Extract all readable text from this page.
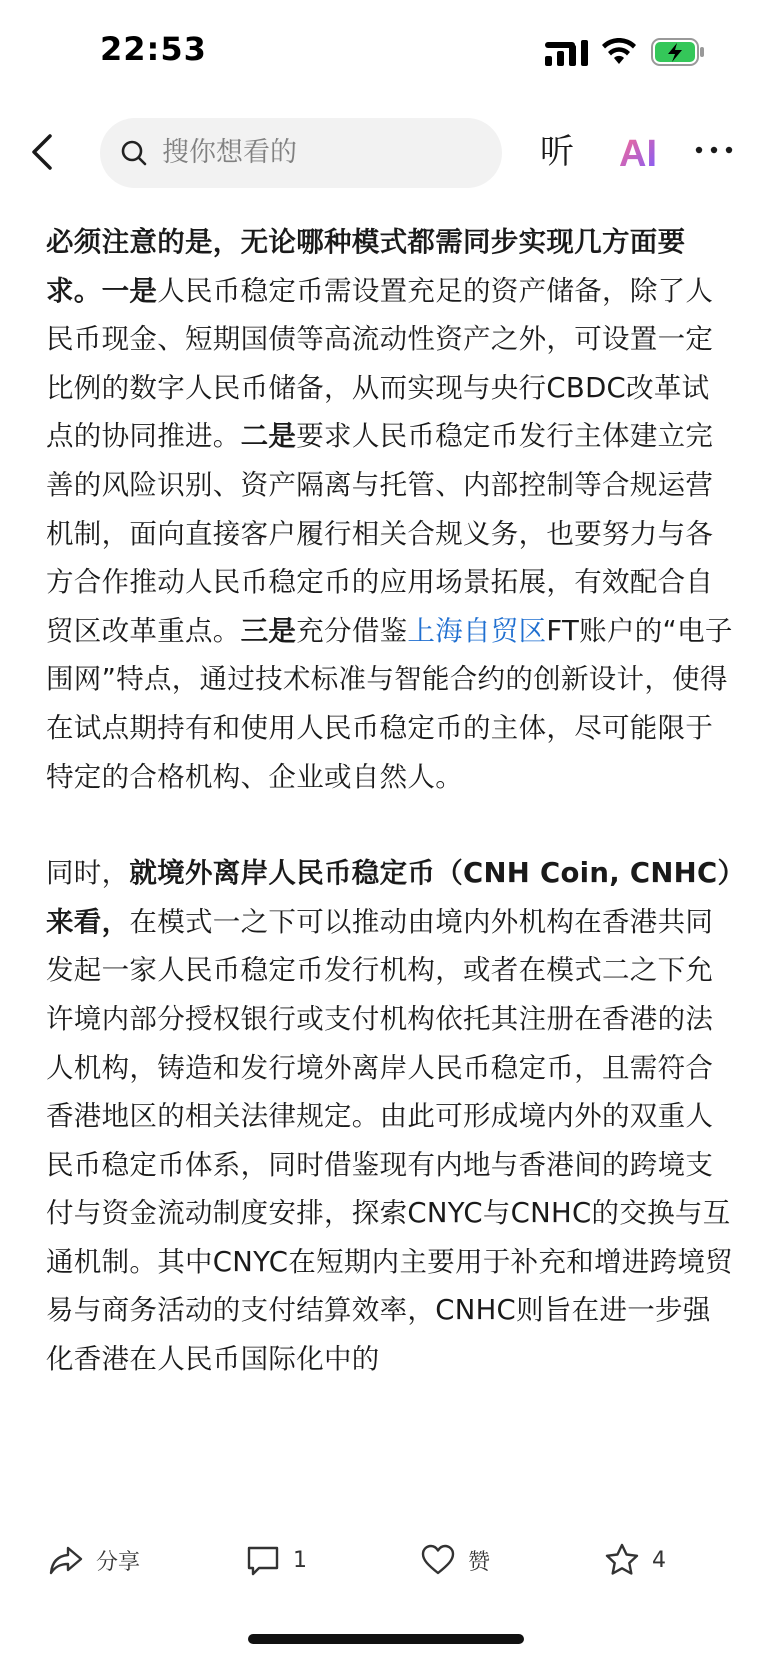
22:53
搜你想看的	听 AI

必须注意的是，无论哪种模式都需同步实现几方面要求。一是人民币稳定币需设置充足的资产储备，除了人民币现金、短期国债等高流动性资产之外，可设置一定比例的数字人民币储备，从而实现与央行CBDC改革试点的协同推进。二是要求人民币稳定币发行主体建立完善的风险识别、资产隔离与托管、内部控制等合规运营机制，面向直接客户履行相关合规义务，也要努力与各方合作推动人民币稳定币的应用场景拓展，有效配合自贸区改革重点。三是充分借鉴上海自贸区FT账户的“电子围网”特点，通过技术标准与智能合约的创新设计，使得在试点期持有和使用人民币稳定币的主体，尽可能限于特定的合格机构、企业或自然人。

同时，就境外离岸人民币稳定币（CNH Coin, CNHC）来看，在模式一之下可以推动由境内外机构在香港共同发起一家人民币稳定币发行机构，或者在模式二之下允许境内部分授权银行或支付机构依托其注册在香港的法人机构，铸造和发行境外离岸人民币稳定币，且需符合香港地区的相关法律规定。由此可形成境内外的双重人民币稳定币体系，同时借鉴现有内地与香港间的跨境支付与资金流动制度安排，探索CNYC与CNHC的交换与互通机制。其中CNYC在短期内主要用于补充和增进跨境贸易与商务活动的支付结算效率，CNHC则旨在进一步强化香港在人民币国际化中的

分享	1	赞	4
